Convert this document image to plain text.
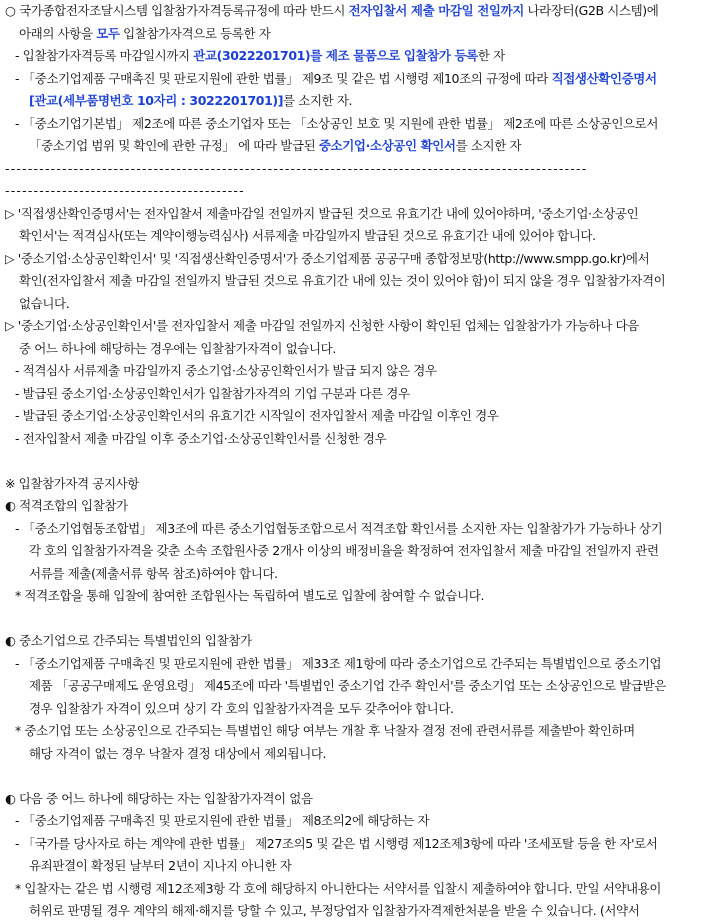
○ 국가종합전자조달시스템 입찰참가자격등록규정에 따라 반드시 전자입찰서 제출 마감일 전일까지 나라장터(G2B 시스템)에
아래의 사항을 모두 입찰참가자격으로 등록한 자
- 입찰참가자격등록 마감일시까지 관교(3022201701)를 제조 물품으로 입찰참가 등록한 자
- 「중소기업제품 구매촉진 및 판로지원에 관한 법률」 제9조 및 같은 법 시행령 제10조의 규정에 따라 직접생산확인증명서
[관교(세부품명번호 10자리 : 3022201701)]를 소지한 자.
- 「중소기업기본법」 제2조에 따른 중소기업자 또는 「소상공인 보호 및 지원에 관한 법률」 제2조에 따른 소상공인으로서
「중소기업 범위 및 확인에 관한 규정」 에 따라 발급된 중소기업·소상공인 확인서를 소지한 자
------------------------------------------------------------------------------------------------------
------------------------------------------
▷ '직접생산확인증명서'는 전자입찰서 제출마감일 전일까지 발급된 것으로 유효기간 내에 있어야하며, '중소기업·소상공인
확인서'는 적격심사(또는 계약이행능력심사) 서류제출 마감일까지 발급된 것으로 유효기간 내에 있어야 합니다.
▷ '중소기업·소상공인확인서' 및 '직접생산확인증명서'가 중소기업제품 공공구매 종합정보망(http://www.smpp.go.kr)에서
확인(전자입찰서 제출 마감일 전일까지 발급된 것으로 유효기간 내에 있는 것이 있어야 함)이 되지 않을 경우 입찰참가자격이
없습니다.
▷ '중소기업·소상공인확인서'를 전자입찰서 제출 마감일 전일까지 신청한 사항이 확인된 업체는 입찰참가가 가능하나 다음
중 어느 하나에 해당하는 경우에는 입찰참가자격이 없습니다.
- 적격심사 서류제출 마감일까지 중소기업·소상공인확인서가 발급 되지 않은 경우
- 발급된 중소기업·소상공인확인서가 입찰참가자격의 기업 구분과 다른 경우
- 발급된 중소기업·소상공인확인서의 유효기간 시작일이 전자입찰서 제출 마감일 이후인 경우
- 전자입찰서 제출 마감일 이후 중소기업·소상공인확인서를 신청한 경우
※ 입찰참가자격 공지사항
◐ 적격조합의 입찰참가
- 「중소기업협동조합법」 제3조에 따른 중소기업협동조합으로서 적격조합 확인서를 소지한 자는 입찰참가가 가능하나 상기
각 호의 입찰참가자격을 갖춘 소속 조합원사중 2개사 이상의 배정비율을 확정하여 전자입찰서 제출 마감일 전일까지 관련
서류를 제출(제출서류 항목 참조)하여야 합니다.
* 적격조합을 통해 입찰에 참여한 조합원사는 독립하여 별도로 입찰에 참여할 수 없습니다.
◐ 중소기업으로 간주되는 특별법인의 입찰참가
- 「중소기업제품 구매촉진 및 판로지원에 관한 법률」 제33조 제1항에 따라 중소기업으로 간주되는 특별법인으로 중소기업
제품 「공공구매제도 운영요령」 제45조에 따라 '특별법인 중소기업 간주 확인서'를 중소기업 또는 소상공인으로 발급받은
경우 입찰참가 자격이 있으며 상기 각 호의 입찰참가자격을 모두 갖추어야 합니다.
* 중소기업 또는 소상공인으로 간주되는 특별법인 해당 여부는 개찰 후 낙찰자 결정 전에 관련서류를 제출받아 확인하며
해당 자격이 없는 경우 낙찰자 결정 대상에서 제외됩니다.
◐ 다음 중 어느 하나에 해당하는 자는 입찰참가자격이 없음
- 「중소기업제품 구매촉진 및 판로지원에 관한 법률」 제8조의2에 해당하는 자
- 「국가를 당사자로 하는 계약에 관한 법률」 제27조의5 및 같은 법 시행령 제12조제3항에 따라 '조세포탈 등을 한 자'로서
유죄판결이 확정된 날부터 2년이 지나지 아니한 자
* 입찰자는 같은 법 시행령 제12조제3항 각 호에 해당하지 아니한다는 서약서를 입찰시 제출하여야 합니다. 만일 서약내용이
허위로 판명될 경우 계약의 해제·해지를 당할 수 있고, 부정당업자 입찰참가자격제한처분을 받을 수 있습니다. (서약서
